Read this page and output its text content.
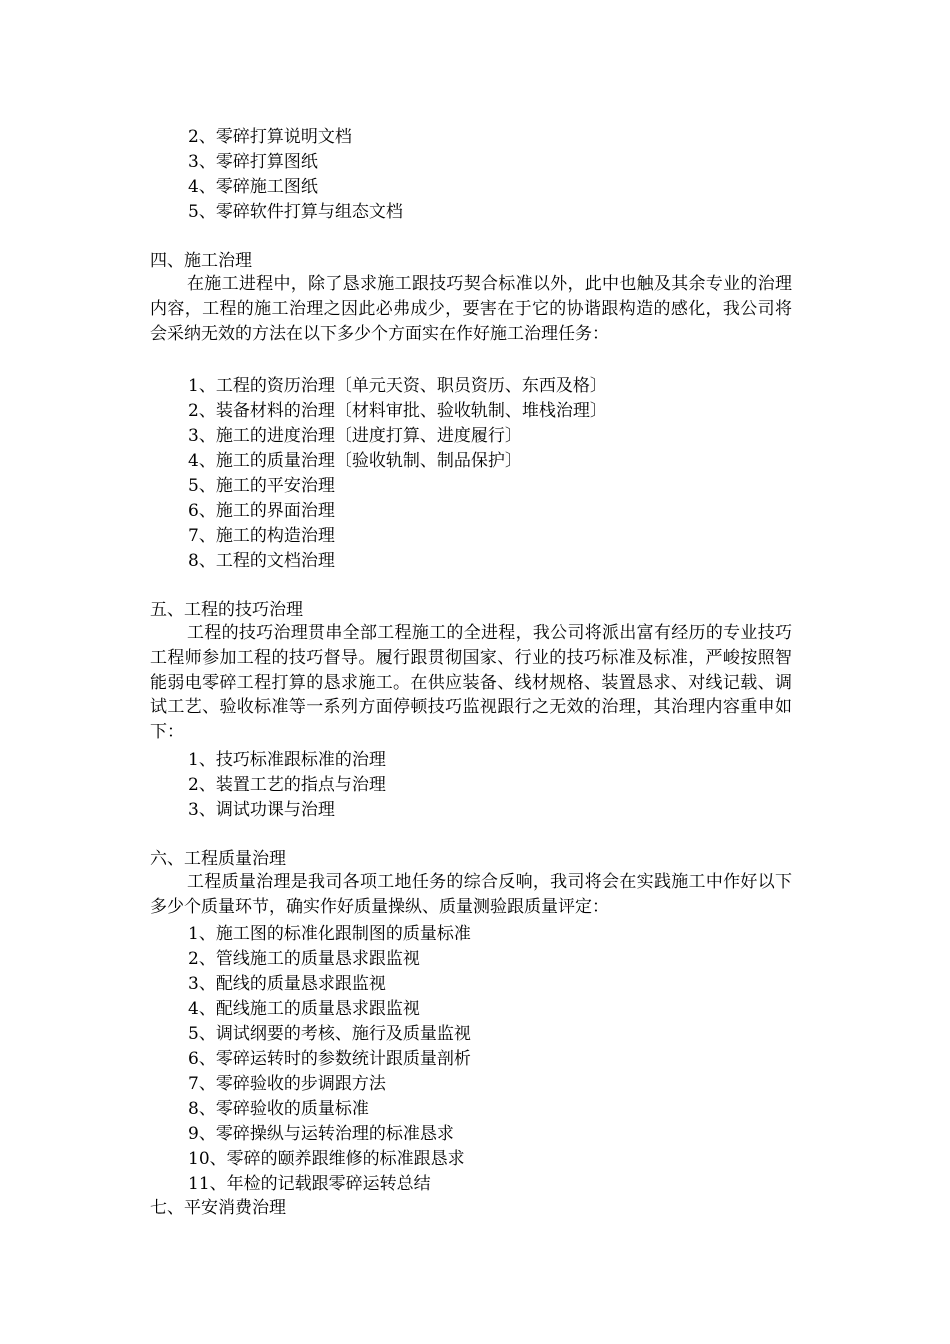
2、零碎打算说明文档
3、零碎打算图纸
4、零碎施工图纸
5、零碎软件打算与组态文档
四、施工治理

在施工进程中，除了恳求施工跟技巧契合标准以外，此中也触及其余专业的治理内容，工程的施工治理之因此必弗成少，要害在于它的协谐跟构造的感化，我公司将会采纳无效的方法在以下多少个方面实在作好施工治理任务：

1、工程的资历治理〔单元天资、职员资历、东西及格〕
2、装备材料的治理〔材料审批、验收轨制、堆栈治理〕
3、施工的进度治理〔进度打算、进度履行〕
4、施工的质量治理〔验收轨制、制品保护〕
5、施工的平安治理
6、施工的界面治理
7、施工的构造治理
8、工程的文档治理
五、工程的技巧治理

工程的技巧治理贯串全部工程施工的全进程，我公司将派出富有经历的专业技巧工程师参加工程的技巧督导。履行跟贯彻国家、行业的技巧标准及标准，严峻按照智能弱电零碎工程打算的恳求施工。在供应装备、线材规格、装置恳求、对线记载、调试工艺、验收标准等一系列方面停顿技巧监视跟行之无效的治理，其治理内容重申如下：

1、技巧标准跟标准的治理
2、装置工艺的指点与治理
3、调试功课与治理
六、工程质量治理

工程质量治理是我司各项工地任务的综合反响，我司将会在实践施工中作好以下多少个质量环节，确实作好质量操纵、质量测验跟质量评定：

1、施工图的标准化跟制图的质量标准
2、管线施工的质量恳求跟监视
3、配线的质量恳求跟监视
4、配线施工的质量恳求跟监视
5、调试纲要的考核、施行及质量监视
6、零碎运转时的参数统计跟质量剖析
7、零碎验收的步调跟方法
8、零碎验收的质量标准
9、零碎操纵与运转治理的标准恳求
10、零碎的颐养跟维修的标准跟恳求
11、年检的记载跟零碎运转总结
七、平安消费治理
